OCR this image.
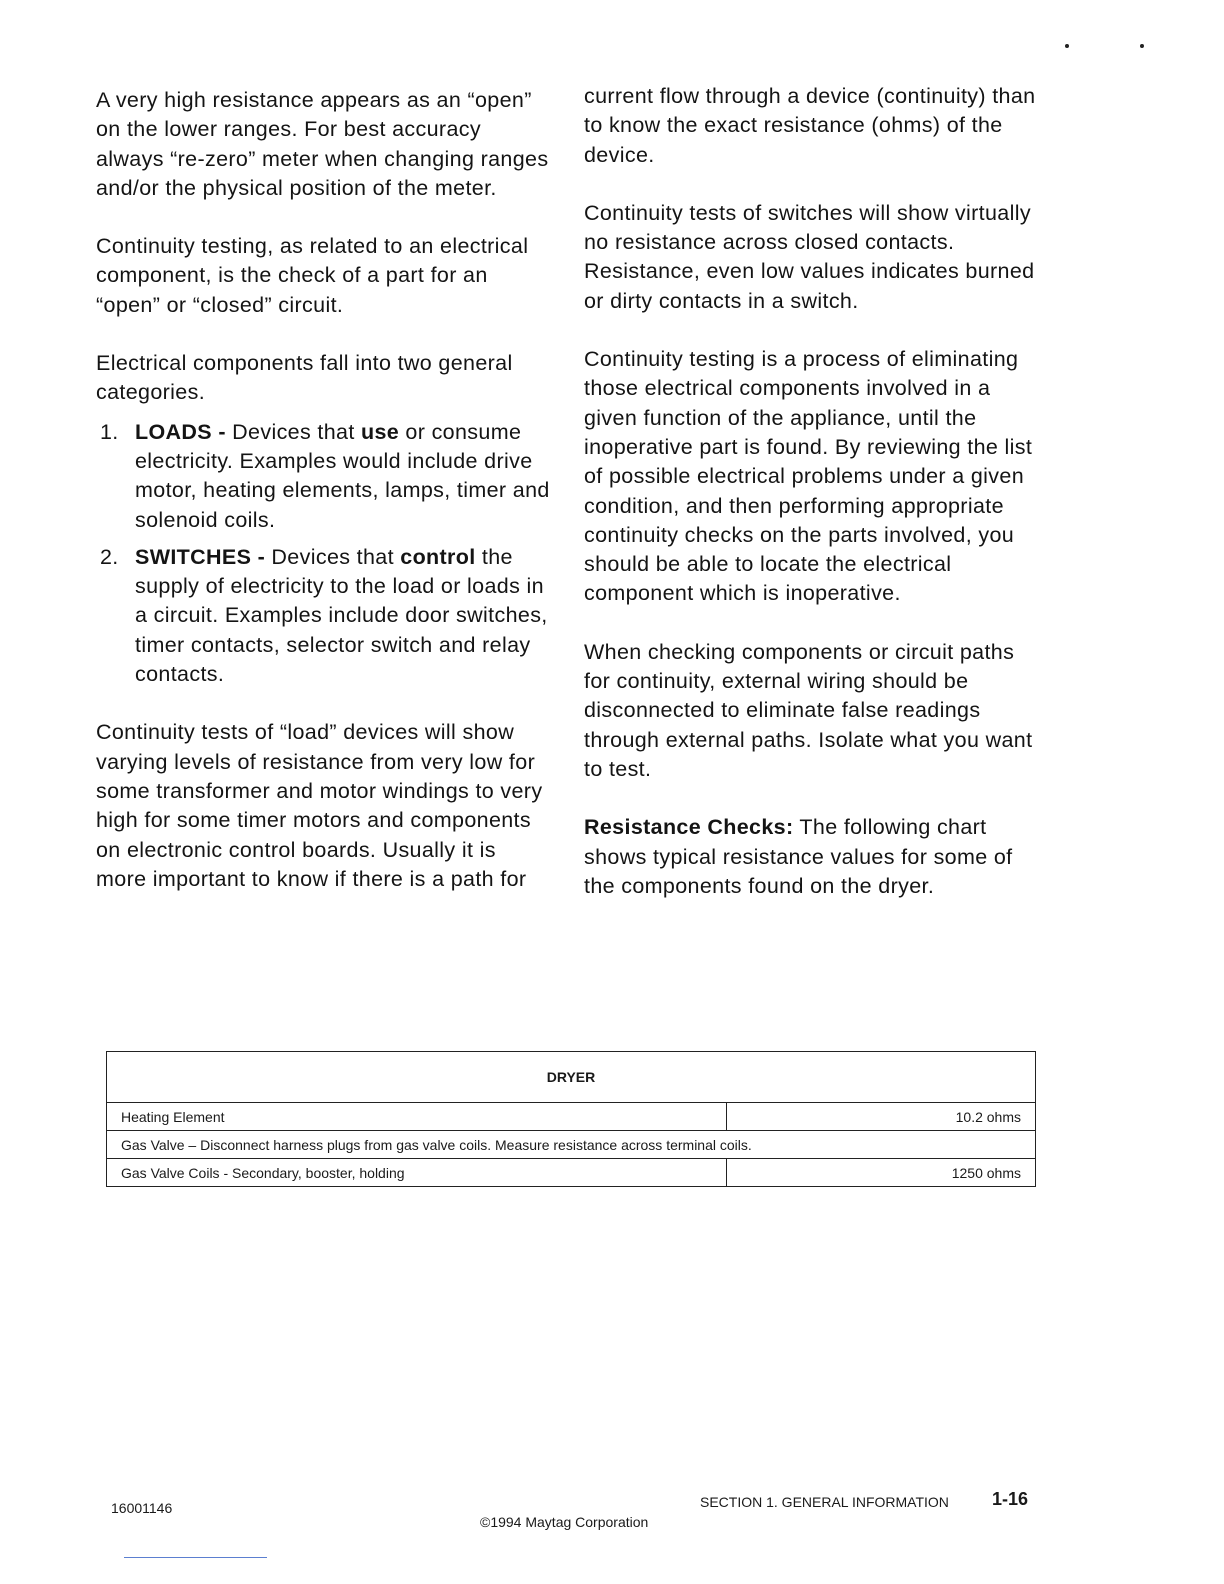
A very high resistance appears as an “open” on the lower ranges. For best accuracy always “re-zero” meter when changing ranges and/or the physical position of the meter.

Continuity testing, as related to an electrical component, is the check of a part for an “open” or “closed” circuit.

Electrical components fall into two general categories.

1. LOADS - Devices that use or consume electricity. Examples would include drive motor, heating elements, lamps, timer and solenoid coils.
2. SWITCHES - Devices that control the supply of electricity to the load or loads in a circuit. Examples include door switches, timer contacts, selector switch and relay contacts.

Continuity tests of “load” devices will show varying levels of resistance from very low for some transformer and motor windings to very high for some timer motors and components on electronic control boards. Usually it is more important to know if there is a path for

current flow through a device (continuity) than to know the exact resistance (ohms) of the device.

Continuity tests of switches will show virtually no resistance across closed contacts. Resistance, even low values indicates burned or dirty contacts in a switch.

Continuity testing is a process of eliminating those electrical components involved in a given function of the appliance, until the inoperative part is found. By reviewing the list of possible electrical problems under a given condition, and then performing appropriate continuity checks on the parts involved, you should be able to locate the electrical component which is inoperative.

When checking components or circuit paths for continuity, external wiring should be disconnected to eliminate false readings through external paths. Isolate what you want to test.

Resistance Checks: The following chart shows typical resistance values for some of the components found on the dryer.

DRYER	
Heating Element	10.2 ohms
Gas Valve – Disconnect harness plugs from gas valve coils. Measure resistance across terminal coils.	
Gas Valve Coils - Secondary, booster, holding	1250 ohms
16001146	SECTION 1. GENERAL INFORMATION 1-16
©1994 Maytag Corporation
